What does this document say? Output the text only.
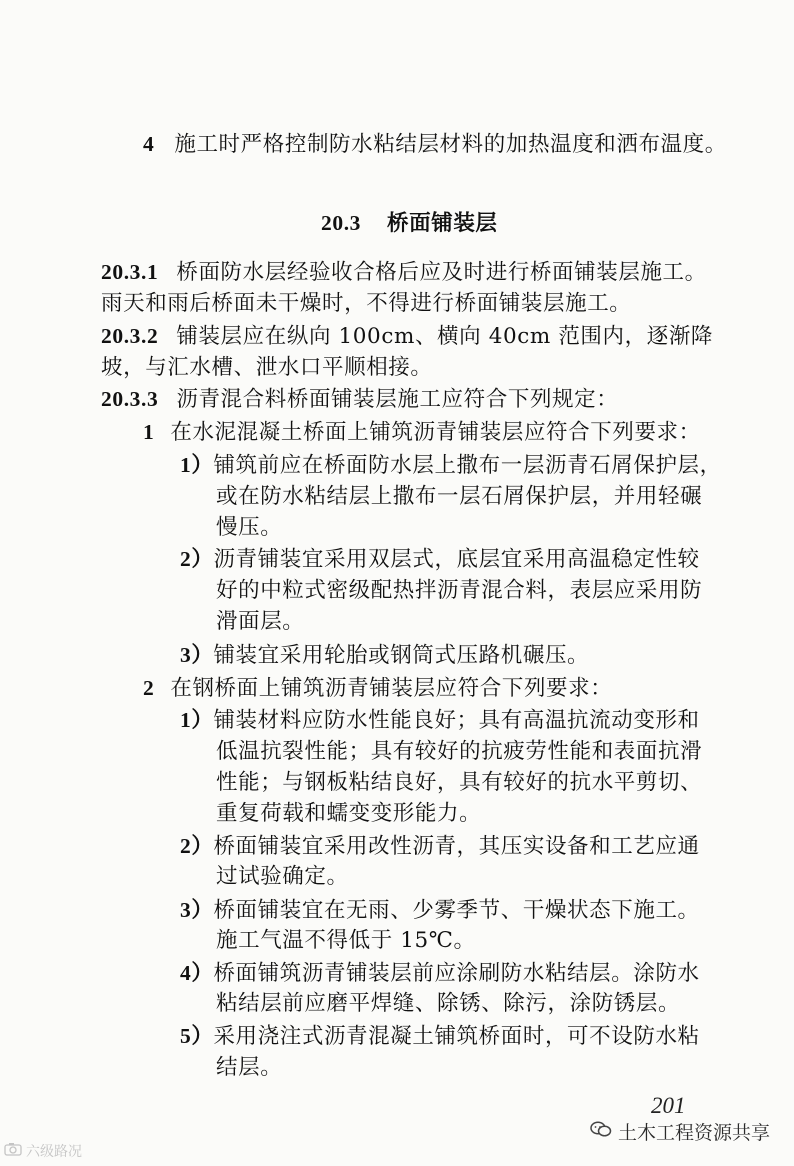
4 施工时严格控制防水粘结层材料的加热温度和洒布温度。
20.3 桥面铺装层
20.3.1 桥面防水层经验收合格后应及时进行桥面铺装层施工。
雨天和雨后桥面未干燥时，不得进行桥面铺装层施工。
20.3.2 铺装层应在纵向 100cm、横向 40cm 范围内，逐渐降
坡，与汇水槽、泄水口平顺相接。
20.3.3 沥青混合料桥面铺装层施工应符合下列规定：
1 在水泥混凝土桥面上铺筑沥青铺装层应符合下列要求：
1）铺筑前应在桥面防水层上撒布一层沥青石屑保护层，
或在防水粘结层上撒布一层石屑保护层，并用轻碾
慢压。
2）沥青铺装宜采用双层式，底层宜采用高温稳定性较
好的中粒式密级配热拌沥青混合料，表层应采用防
滑面层。
3）铺装宜采用轮胎或钢筒式压路机碾压。
2 在钢桥面上铺筑沥青铺装层应符合下列要求：
1）铺装材料应防水性能良好；具有高温抗流动变形和
低温抗裂性能；具有较好的抗疲劳性能和表面抗滑
性能；与钢板粘结良好，具有较好的抗水平剪切、
重复荷载和蠕变变形能力。
2）桥面铺装宜采用改性沥青，其压实设备和工艺应通
过试验确定。
3）桥面铺装宜在无雨、少雾季节、干燥状态下施工。
施工气温不得低于 15℃。
4）桥面铺筑沥青铺装层前应涂刷防水粘结层。涂防水
粘结层前应磨平焊缝、除锈、除污，涂防锈层。
5）采用浇注式沥青混凝土铺筑桥面时，可不设防水粘
结层。
201
土木工程资源共享
六级路况
